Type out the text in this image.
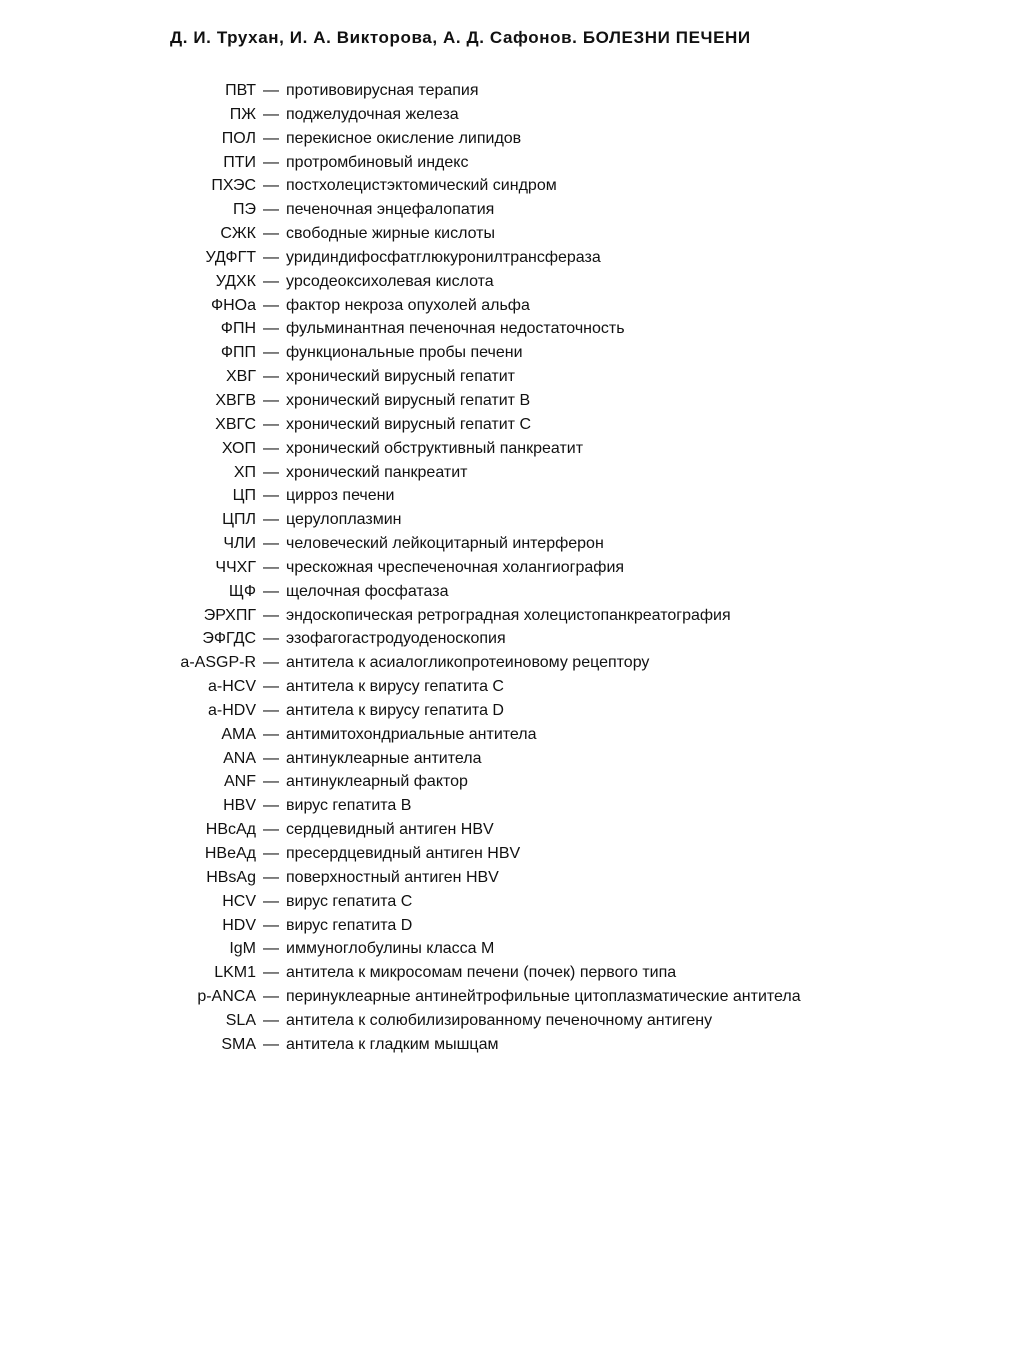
Д. И. Трухан, И. А. Викторова, А. Д. Сафонов. БОЛЕЗНИ ПЕЧЕНИ
ПВТ — противовирусная терапия
ПЖ — поджелудочная железа
ПОЛ — перекисное окисление липидов
ПТИ — протромбиновый индекс
ПХЭС — постхолецистэктомический синдром
ПЭ — печеночная энцефалопатия
СЖК — свободные жирные кислоты
УДФГТ — уридиндифосфатглюкуронилтрансфераза
УДХК — урсодеоксихолевая кислота
ФНОа — фактор некроза опухолей альфа
ФПН — фульминантная печеночная недостаточность
ФПП — функциональные пробы печени
ХВГ — хронический вирусный гепатит
ХВГВ — хронический вирусный гепатит В
ХВГС — хронический вирусный гепатит С
ХОП — хронический обструктивный панкреатит
ХП — хронический панкреатит
ЦП — цирроз печени
ЦПЛ — церулоплазмин
ЧЛИ — человеческий лейкоцитарный интерферон
ЧЧХГ — чрескожная чреспеченочная холангиография
ЩФ — щелочная фосфатаза
ЭРХПГ — эндоскопическая ретроградная холецистопанкреатография
ЭФГДС — эзофагогастродуоденоскопия
a-ASGP-R — антитела к асиалогликопротеиновому рецептору
a-HCV — антитела к вирусу гепатита С
a-HDV — антитела к вирусу гепатита D
АМА — антимитохондриальные антитела
ANA — антинуклеарные антитела
ANF — антинуклеарный фактор
HBV — вирус гепатита В
HBcAд — сердцевидный антиген HBV
HBeAд — пресердцевидный антиген HBV
HBsAg — поверхностный антиген HBV
HCV — вирус гепатита С
HDV — вирус гепатита D
IgM — иммуноглобулины класса М
LKM1 — антитела к микросомам печени (почек) первого типа
p-ANCA — перинуклеарные антинейтрофильные цитоплазматические антитела
SLA — антитела к солюбилизированному печеночному антигену
SMA — антитела к гладким мышцам
